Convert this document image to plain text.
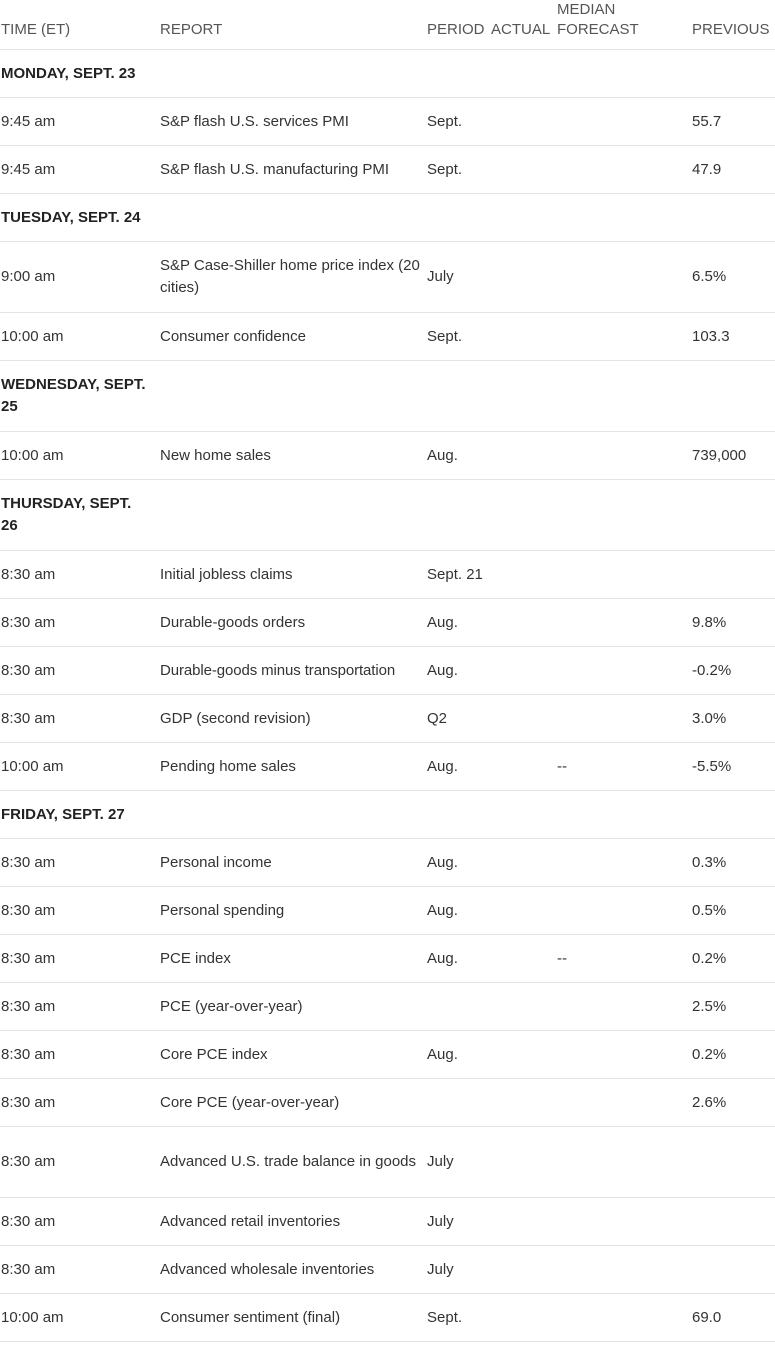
TIME (ET)	REPORT	PERIOD	ACTUAL	MEDIAN FORECAST	PREVIOUS
MONDAY, SEPT. 23					
9:45 am	S&P flash U.S. services PMI	Sept.			55.7
9:45 am	S&P flash U.S. manufacturing PMI	Sept.			47.9
TUESDAY, SEPT. 24					
9:00 am	S&P Case-Shiller home price index (20 cities)	July			6.5%
10:00 am	Consumer confidence	Sept.			103.3
WEDNESDAY, SEPT. 25					
10:00 am	New home sales	Aug.			739,000
THURSDAY, SEPT. 26					
8:30 am	Initial jobless claims	Sept. 21			
8:30 am	Durable-goods orders	Aug.			9.8%
8:30 am	Durable-goods minus transportation	Aug.			-0.2%
8:30 am	GDP (second revision)	Q2			3.0%
10:00 am	Pending home sales	Aug.		--	-5.5%
FRIDAY, SEPT. 27					
8:30 am	Personal income	Aug.			0.3%
8:30 am	Personal spending	Aug.			0.5%
8:30 am	PCE index	Aug.		--	0.2%
8:30 am	PCE (year-over-year)				2.5%
8:30 am	Core PCE index	Aug.			0.2%
8:30 am	Core PCE (year-over-year)				2.6%
8:30 am	Advanced U.S. trade balance in goods	July			
8:30 am	Advanced retail inventories	July			
8:30 am	Advanced wholesale inventories	July			
10:00 am	Consumer sentiment (final)	Sept.			69.0
